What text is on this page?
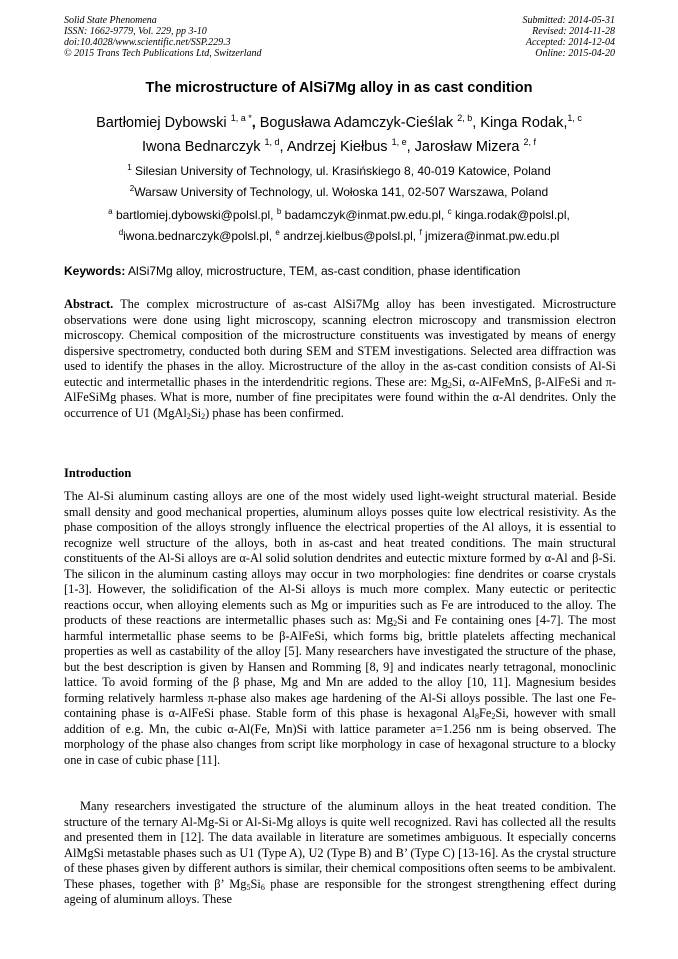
Solid State Phenomena
ISSN: 1662-9779, Vol. 229, pp 3-10
doi:10.4028/www.scientific.net/SSP.229.3
© 2015 Trans Tech Publications Ltd, Switzerland
Submitted: 2014-05-31
Revised: 2014-11-28
Accepted: 2014-12-04
Online: 2015-04-20
The microstructure of AlSi7Mg alloy in as cast condition
Bartłomiej Dybowski $^{1, a *}$, Bogusława Adamczyk-Cieślak $^{2, b}$, Kinga Rodak,$^{1, c}$
Iwona Bednarczyk $^{1, d}$, Andrzej Kiełbus $^{1, e}$, Jarosław Mizera $^{2, f}$
$^1$ Silesian University of Technology, ul. Krasińskiego 8, 40-019 Katowice, Poland
$^2$Warsaw University of Technology, ul. Wołoska 141, 02-507 Warszawa, Poland
$^a$ bartlomiej.dybowski@polsl.pl, $^b$ badamczyk@inmat.pw.edu.pl, $^c$ kinga.rodak@polsl.pl,
$^d$iwona.bednarczyk@polsl.pl, $^e$ andrzej.kielbus@polsl.pl, $^f$ jmizera@inmat.pw.edu.pl
Keywords: AlSi7Mg alloy, microstructure, TEM, as-cast condition, phase identification
Abstract. The complex microstructure of as-cast AlSi7Mg alloy has been investigated. Microstructure observations were done using light microscopy, scanning electron microscopy and transmission electron microscopy. Chemical composition of the microstructure constituents was investigated by means of energy dispersive spectrometry, conducted both during SEM and STEM investigations. Selected area diffraction was used to identify the phases in the alloy. Microstructure of the alloy in the as-cast condition consists of Al-Si eutectic and intermetallic phases in the interdendritic regions. These are: $Mg_2Si$, α-AlFeMnS, β-AlFeSi and π-AlFeSiMg phases. What is more, number of fine precipitates were found within the α-Al dendrites. Only the occurrence of U1 $(MgAl_2Si_2)$ phase has been confirmed.
Introduction
The Al-Si aluminum casting alloys are one of the most widely used light-weight structural material. Beside small density and good mechanical properties, aluminum alloys posses quite low electrical resistivity. As the phase composition of the alloys strongly influence the electrical properties of the Al alloys, it is essential to recognize well structure of the alloys, both in as-cast and heat treated conditions. The main structural constituents of the Al-Si alloys are α-Al solid solution dendrites and eutectic mixture formed by α-Al and β-Si. The silicon in the aluminum casting alloys may occur in two morphologies: fine dendrites or coarse crystals [1-3]. However, the solidification of the Al-Si alloys is much more complex. Many eutectic or peritectic reactions occur, when alloying elements such as Mg or impurities such as Fe are introduced to the alloy. The products of these reactions are intermetallic phases such as: $Mg_2Si$ and Fe containing ones [4-7]. The most harmful intermetallic phase seems to be β-AlFeSi, which forms big, brittle platelets affecting mechanical properties as well as castability of the alloy [5]. Many researchers have investigated the structure of the phase, but the best description is given by Hansen and Romming [8, 9] and indicates nearly tetragonal, monoclinic lattice. To avoid forming of the β phase, Mg and Mn are added to the alloy [10, 11]. Magnesium besides forming relatively harmless π-phase also makes age hardening of the Al-Si alloys possible. The last one Fe-containing phase is α-AlFeSi phase. Stable form of this phase is hexagonal $Al_8Fe_2Si$, however with small addition of e.g. Mn, the cubic α-Al(Fe, Mn)Si with lattice parameter a=1.256 nm is being observed. The morphology of the phase also changes from script like morphology in case of hexagonal structure to a blocky one in case of cubic phase [11].
Many researchers investigated the structure of the aluminum alloys in the heat treated condition. The structure of the ternary Al-Mg-Si or Al-Si-Mg alloys is quite well recognized. Ravi has collected all the results and presented them in [12]. The data available in literature are sometimes ambiguous. It especially concerns AlMgSi metastable phases such as U1 (Type A), U2 (Type B) and B’ (Type C) [13-16]. As the crystal structure of these phases given by different authors is similar, their chemical compositions often seems to be ambivalent. These phases, together with β’ $Mg_5Si_6$ phase are responsible for the strongest strengthening effect during ageing of aluminum alloys. These
